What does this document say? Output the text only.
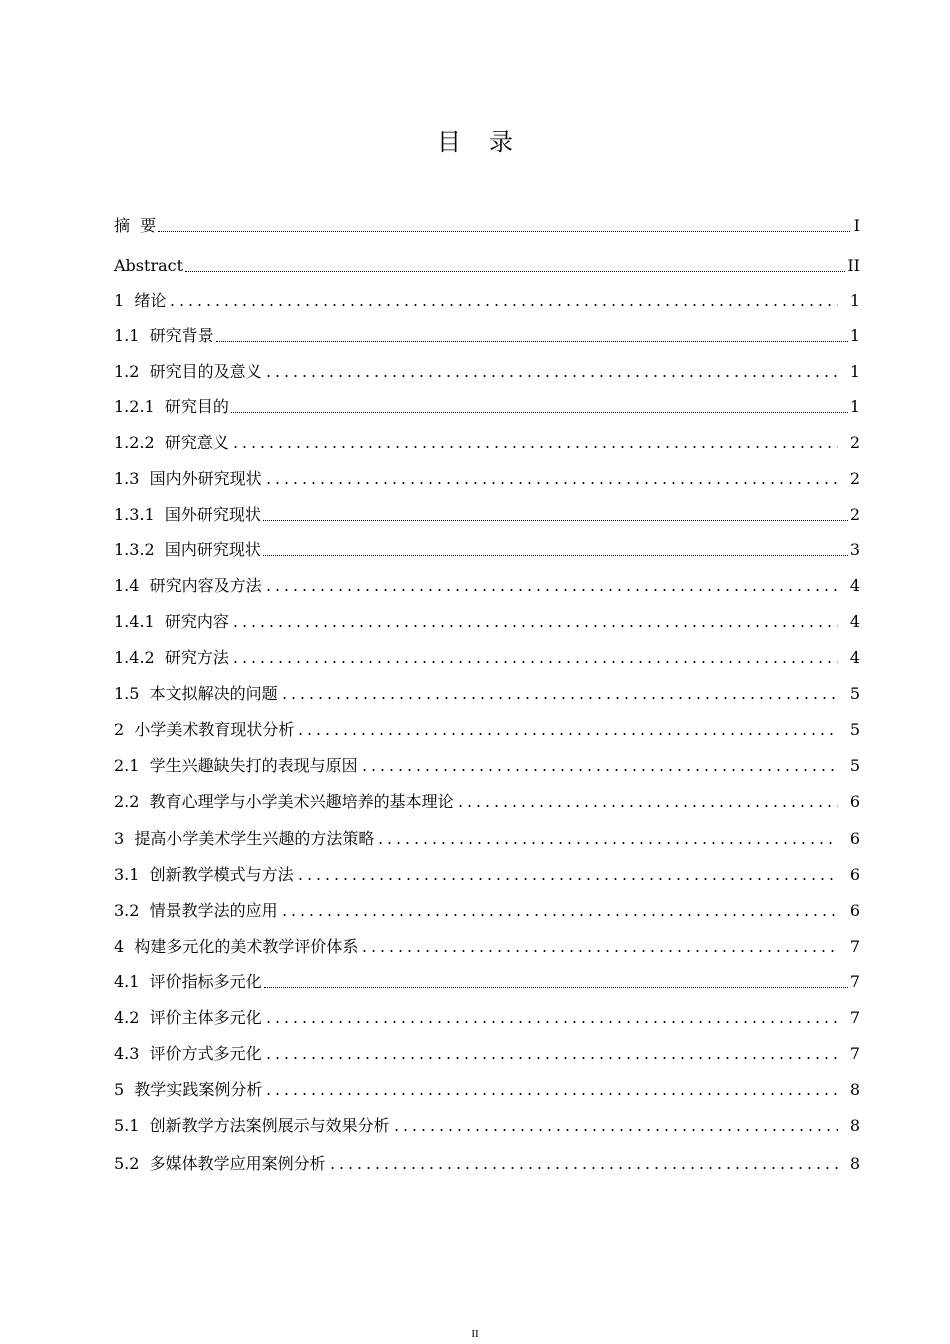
目 录
摘  要	I
Abstract	II
1 绪论	1
1.1 研究背景	1
1.2 研究目的及意义	1
1.2.1 研究目的	1
1.2.2 研究意义	2
1.3 国内外研究现状	2
1.3.1 国外研究现状	2
1.3.2 国内研究现状	3
1.4 研究内容及方法	4
1.4.1 研究内容	4
1.4.2 研究方法	4
1.5 本文拟解决的问题	5
2 小学美术教育现状分析	5
2.1 学生兴趣缺失打的表现与原因	5
2.2 教育心理学与小学美术兴趣培养的基本理论	6
3 提高小学美术学生兴趣的方法策略	6
3.1 创新教学模式与方法	6
3.2 情景教学法的应用	6
4 构建多元化的美术教学评价体系	7
4.1 评价指标多元化	7
4.2 评价主体多元化	7
4.3 评价方式多元化	7
5 教学实践案例分析	8
5.1 创新教学方法案例展示与效果分析	8
5.2 多媒体教学应用案例分析	8
II
